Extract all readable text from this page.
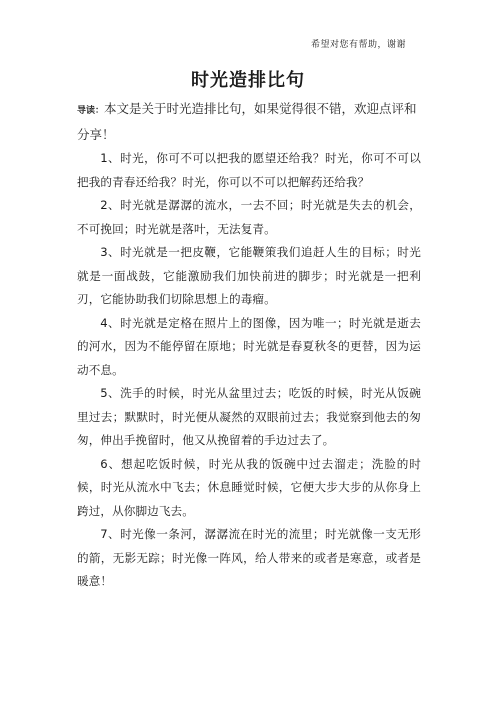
希望对您有帮助，谢谢
时光造排比句

导读：本文是关于时光造排比句，如果觉得很不错，欢迎点评和分享！

1、时光，你可不可以把我的愿望还给我？时光，你可不可以把我的青春还给我？时光，你可以不可以把解药还给我？

2、时光就是潺潺的流水，一去不回；时光就是失去的机会，不可挽回；时光就是落叶，无法复青。

3、时光就是一把皮鞭，它能鞭策我们追赶人生的目标；时光就是一面战鼓，它能激励我们加快前进的脚步；时光就是一把利刃，它能协助我们切除思想上的毒瘤。

4、时光就是定格在照片上的图像，因为唯一；时光就是逝去的河水，因为不能停留在原地；时光就是春夏秋冬的更替，因为运动不息。

5、洗手的时候，时光从盆里过去；吃饭的时候，时光从饭碗里过去；默默时，时光便从凝然的双眼前过去；我觉察到他去的匆匆，伸出手挽留时，他又从挽留着的手边过去了。

6、想起吃饭时候，时光从我的饭碗中过去溜走；洗脸的时候，时光从流水中飞去；休息睡觉时候，它便大步大步的从你身上跨过，从你脚边飞去。

7、时光像一条河，潺潺流在时光的流里；时光就像一支无形的箭，无影无踪；时光像一阵风，给人带来的或者是寒意，或者是暖意！
